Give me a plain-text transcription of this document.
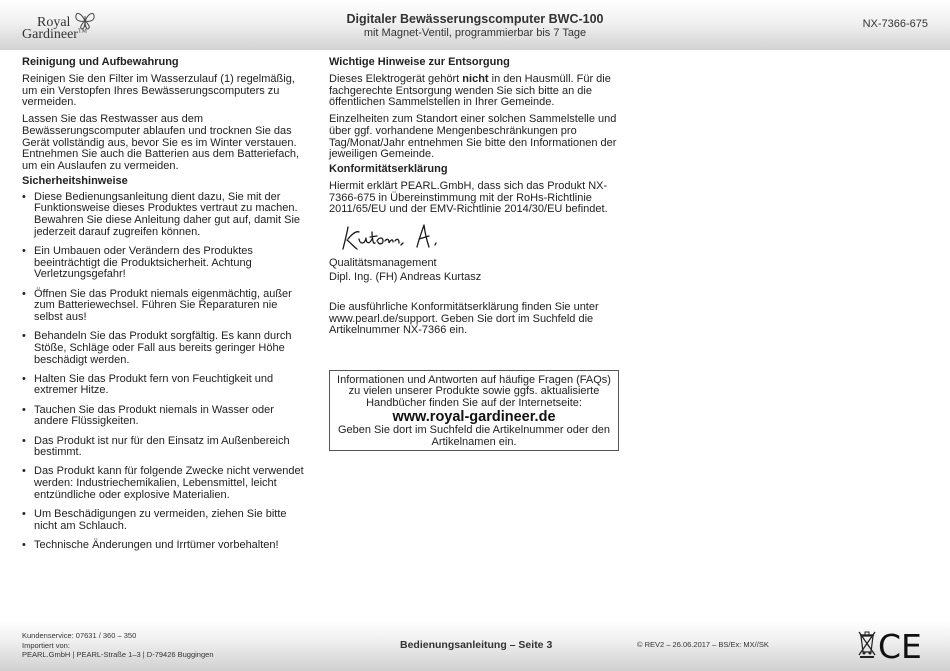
Royal
Gardineer™
Digitaler Bewässerungscomputer BWC-100
mit Magnet-Ventil, programmierbar bis 7 Tage
NX-7366-675
Reinigung und Aufbewahrung

Reinigen Sie den Filter im Wasserzulauf (1) regelmäßig, um ein Verstopfen Ihres Bewässerungscomputers zu vermeiden.

Lassen Sie das Restwasser aus dem Bewässerungscomputer ablaufen und trocknen Sie das Gerät vollständig aus, bevor Sie es im Winter verstauen. Entnehmen Sie auch die Batterien aus dem Batteriefach, um ein Auslaufen zu vermeiden.

Sicherheitshinweise
• Diese Bedienungsanleitung dient dazu, Sie mit der Funktionsweise dieses Produktes vertraut zu machen. Bewahren Sie diese Anleitung daher gut auf, damit Sie jederzeit darauf zugreifen können.
• Ein Umbauen oder Verändern des Produktes beeinträchtigt die Produktsicherheit. Achtung Verletzungsgefahr!
• Öffnen Sie das Produkt niemals eigenmächtig, außer zum Batteriewechsel. Führen Sie Reparaturen nie selbst aus!
• Behandeln Sie das Produkt sorgfältig. Es kann durch Stöße, Schläge oder Fall aus bereits geringer Höhe beschädigt werden.
• Halten Sie das Produkt fern von Feuchtigkeit und extremer Hitze.
• Tauchen Sie das Produkt niemals in Wasser oder andere Flüssigkeiten.
• Das Produkt ist nur für den Einsatz im Außenbereich bestimmt.
• Das Produkt kann für folgende Zwecke nicht verwendet werden: Industriechemikalien, Lebensmittel, leicht entzündliche oder explosive Materialien.
• Um Beschädigungen zu vermeiden, ziehen Sie bitte nicht am Schlauch.
• Technische Änderungen und Irrtümer vorbehalten!
Wichtige Hinweise zur Entsorgung

Dieses Elektrogerät gehört nicht in den Hausmüll. Für die fachgerechte Entsorgung wenden Sie sich bitte an die öffentlichen Sammelstellen in Ihrer Gemeinde.

Einzelheiten zum Standort einer solchen Sammelstelle und über ggf. vorhandene Mengenbeschränkungen pro Tag/Monat/Jahr entnehmen Sie bitte den Informationen der jeweiligen Gemeinde.

Konformitätserklärung

Hiermit erklärt PEARL.GmbH, dass sich das Produkt NX-7366-675 in Übereinstimmung mit der RoHs-Richtlinie 2011/65/EU und der EMV-Richtlinie 2014/30/EU befindet.

Qualitätsmanagement
Dipl. Ing. (FH) Andreas Kurtasz
Die ausführliche Konformitätserklärung finden Sie unter www.pearl.de/support. Geben Sie dort im Suchfeld die Artikelnummer NX-7366 ein.

Informationen und Antworten auf häufige Fragen (FAQs) zu vielen unserer Produkte sowie ggfs. aktualisierte Handbücher finden Sie auf der Internetseite:

www.royal-gardineer.de

Geben Sie dort im Suchfeld die Artikelnummer oder den Artikelnamen ein.

Kundenservice: 07631 / 360 – 350
Importiert von:
PEARL.GmbH | PEARL-Straße 1–3 | D-79426 Buggingen
Bedienungsanleitung – Seite 3	© REV2 – 26.06.2017 – BS/Ex: MX//SK	CE
